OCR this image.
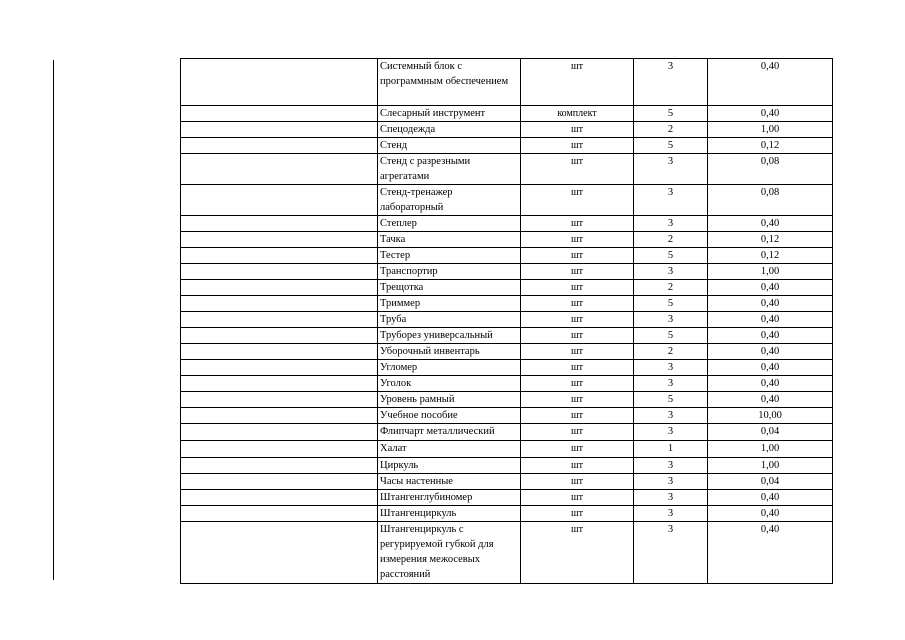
	Системный блок с программным обеспечением	шт	3	0,40
	Слесарный инструмент	комплект	5	0,40
	Спецодежда	шт	2	1,00
	Стенд	шт	5	0,12
	Стенд с разрезными агрегатами	шт	3	0,08
	Стенд-тренажер лабораторный	шт	3	0,08
	Степлер	шт	3	0,40
	Тачка	шт	2	0,12
	Тестер	шт	5	0,12
	Транспортир	шт	3	1,00
	Трещотка	шт	2	0,40
	Триммер	шт	5	0,40
	Труба	шт	3	0,40
	Труборез универсальный	шт	5	0,40
	Уборочный инвентарь	шт	2	0,40
	Угломер	шт	3	0,40
	Уголок	шт	3	0,40
	Уровень рамный	шт	5	0,40
	Учебное пособие	шт	3	10,00
	Флипчарт металлический	шт	3	0,04
	Халат	шт	1	1,00
	Циркуль	шт	3	1,00
	Часы настенные	шт	3	0,04
	Штангенглубиномер	шт	3	0,40
	Штангенциркуль	шт	3	0,40
	Штангенциркуль с регурируемой губкой для измерения межосевых расстояний	шт	3	0,40
